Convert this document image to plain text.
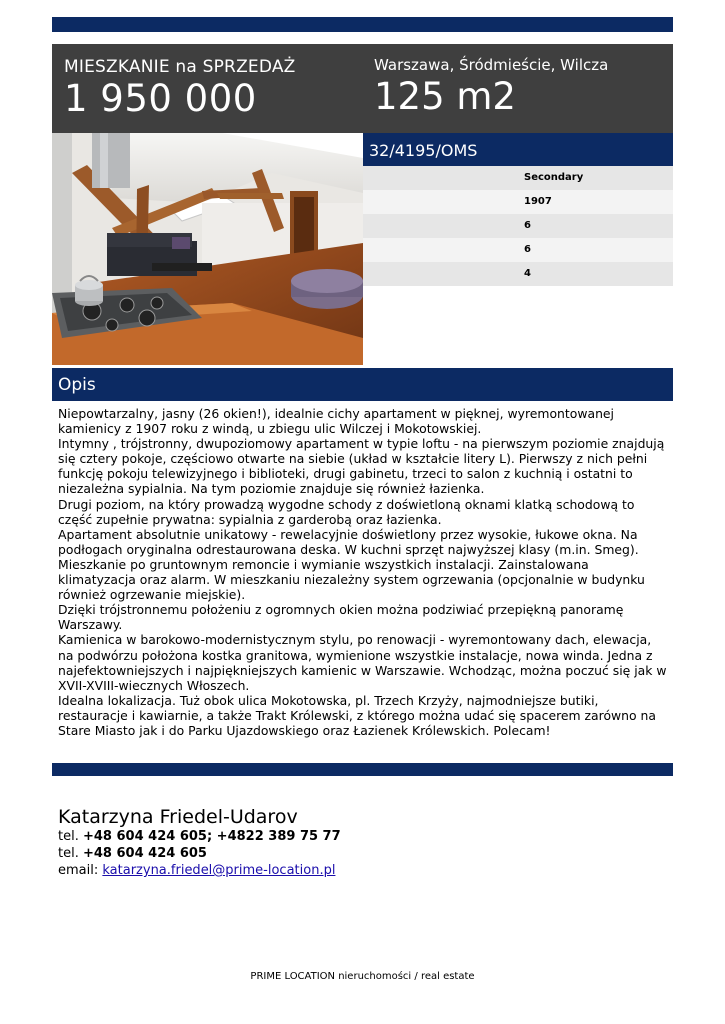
MIESZKANIE na SPRZEDAŻ
1 950 000
Warszawa, Śródmieście, Wilcza
125 m2
32/4195/OMS
Secondary
1907
6
6
4
Opis

Niepowtarzalny, jasny (26 okien!), idealnie cichy apartament w pięknej, wyremontowanej kamienicy z 1907 roku z windą, u zbiegu ulic Wilczej i Mokotowskiej.

Intymny , trójstronny, dwupoziomowy apartament w typie loftu - na pierwszym poziomie znajdują się cztery pokoje, częściowo otwarte na siebie (układ w kształcie litery L). Pierwszy z nich pełni funkcję pokoju telewizyjnego i biblioteki, drugi gabinetu, trzeci to salon z kuchnią i ostatni to niezależna sypialnia. Na tym poziomie znajduje się również łazienka.

Drugi poziom, na który prowadzą wygodne schody z doświetloną oknami klatką schodową to część zupełnie prywatna: sypialnia z garderobą oraz łazienka.

Apartament absolutnie unikatowy - rewelacyjnie doświetlony przez wysokie, łukowe okna. Na podłogach oryginalna odrestaurowana deska. W kuchni sprzęt najwyższej klasy (m.in. Smeg).

Mieszkanie po gruntownym remoncie i wymianie wszystkich instalacji. Zainstalowana klimatyzacja oraz alarm. W mieszkaniu niezależny system ogrzewania (opcjonalnie w budynku również ogrzewanie miejskie).

Dzięki trójstronnemu położeniu z ogromnych okien można podziwiać przepiękną panoramę Warszawy.

Kamienica w barokowo-modernistycznym stylu, po renowacji - wyremontowany dach, elewacja, na podwórzu położona kostka granitowa, wymienione wszystkie instalacje, nowa winda. Jedna z najefektowniejszych i najpiękniejszych kamienic w Warszawie. Wchodząc, można poczuć się jak w XVII-XVIII-wiecznych Włoszech.

Idealna lokalizacja. Tuż obok ulica Mokotowska, pl. Trzech Krzyży, najmodniejsze butiki, restauracje i kawiarnie, a także Trakt Królewski, z którego można udać się spacerem zarówno na Stare Miasto jak i do Parku Ujazdowskiego oraz Łazienek Królewskich. Polecam!

Katarzyna Friedel-Udarov
tel. +48 604 424 605; +4822 389 75 77
tel. +48 604 424 605
email: katarzyna.friedel@prime-location.pl
PRIME LOCATION nieruchomości / real estate
